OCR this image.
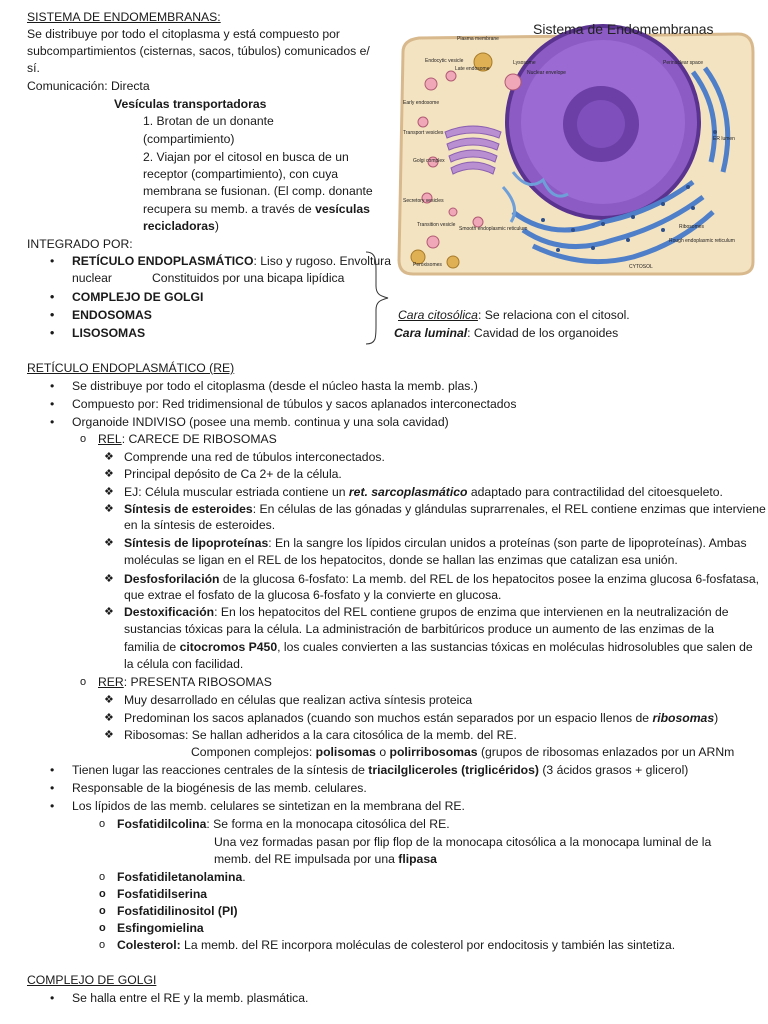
SISTEMA DE ENDOMEMBRANAS:
Se distribuye por todo el citoplasma y está compuesto por
subcompartimientos (cisternas, sacos, túbulos) comunicados e/
sí.
Comunicación: Directa
Vesículas transportadoras
1. Brotan de un donante
(compartimiento)
2. Viajan por el citosol en busca de un
receptor (compartimiento), con cuya
membrana se fusionan. (El comp. donante
recupera su memb. a través de vesículas
recicladoras)
INTEGRADO POR:
• RETÍCULO ENDOPLASMÁTICO: Liso y rugoso. Envoltura
nuclear	Constituidos por una bicapa lipídica
• COMPLEJO DE GOLGI
• ENDOSOMAS
• LISOSOMAS
Cara citosólica: Se relaciona con el citosol.
Cara luminal: Cavidad de los organoides
Sistema de Endomembranas
Plasma membrane
Endocytic vesicle
Late endosome
Lysosome
Nuclear envelope
Perinuclear space
Early endosome
Transport vesicles
Golgi complex
ER lumen
Secretory vesicles
Transition vesicle
Smooth endoplasmic reticulum	Ribosomes
Rough endoplasmic reticulum
Peroxisomes	CYTOSOL
RETÍCULO ENDOPLASMÁTICO (RE)
• Se distribuye por todo el citoplasma (desde el núcleo hasta la memb. plas.)
• Compuesto por: Red tridimensional de túbulos y sacos aplanados interconectados
• Organoide INDIVISO (posee una memb. continua y una sola cavidad)
o REL: CARECE DE RIBOSOMAS
❖ Comprende una red de túbulos interconectados.
❖ Principal depósito de Ca 2+ de la célula.
❖ EJ: Célula muscular estriada contiene un ret. sarcoplasmático adaptado para contractilidad del citoesqueleto.
❖ Síntesis de esteroides: En células de las gónadas y glándulas suprarrenales, el REL contiene enzimas que interviene
en la síntesis de esteroides.
❖ Síntesis de lipoproteínas: En la sangre los lípidos circulan unidos a proteínas (son parte de lipoproteínas). Ambas
moléculas se ligan en el REL de los hepatocitos, donde se hallan las enzimas que catalizan esa unión.
❖ Desfosforilación de la glucosa 6-fosfato: La memb. del REL de los hepatocitos posee la enzima glucosa 6-fosfatasa,
que extrae el fosfato de la glucosa 6-fosfato y la convierte en glucosa.
❖ Destoxificación: En los hepatocitos del REL contiene grupos de enzima que intervienen en la neutralización de
sustancias tóxicas para la célula. La administración de barbitúricos produce un aumento de las enzimas de la
familia de citocromos P450, los cuales convierten a las sustancias tóxicas en moléculas hidrosolubles que salen de
la célula con facilidad.
o RER: PRESENTA RIBOSOMAS
❖ Muy desarrollado en células que realizan activa síntesis proteica
❖ Predominan los sacos aplanados (cuando son muchos están separados por un espacio llenos de ribosomas)
❖ Ribosomas: Se hallan adheridos a la cara citosólica de la memb. del RE.
Componen complejos: polisomas o polirribosomas (grupos de ribosomas enlazados por un ARNm
• Tienen lugar las reacciones centrales de la síntesis de triacilgliceroles (triglicéridos) (3 ácidos grasos + glicerol)
• Responsable de la biogénesis de las memb. celulares.
• Los lípidos de las memb. celulares se sintetizan en la membrana del RE.
o Fosfatidilcolina: Se forma en la monocapa citosólica del RE.
Una vez formadas pasan por flip flop de la monocapa citosólica a la monocapa luminal de la
memb. del RE impulsada por una flipasa
o Fosfatidiletanolamina.
o Fosfatidilserina
o Fosfatidilinositol (PI)
o Esfingomielina
o Colesterol: La memb. del RE incorpora moléculas de colesterol por endocitosis y también las sintetiza.
COMPLEJO DE GOLGI
• Se halla entre el RE y la memb. plasmática.
